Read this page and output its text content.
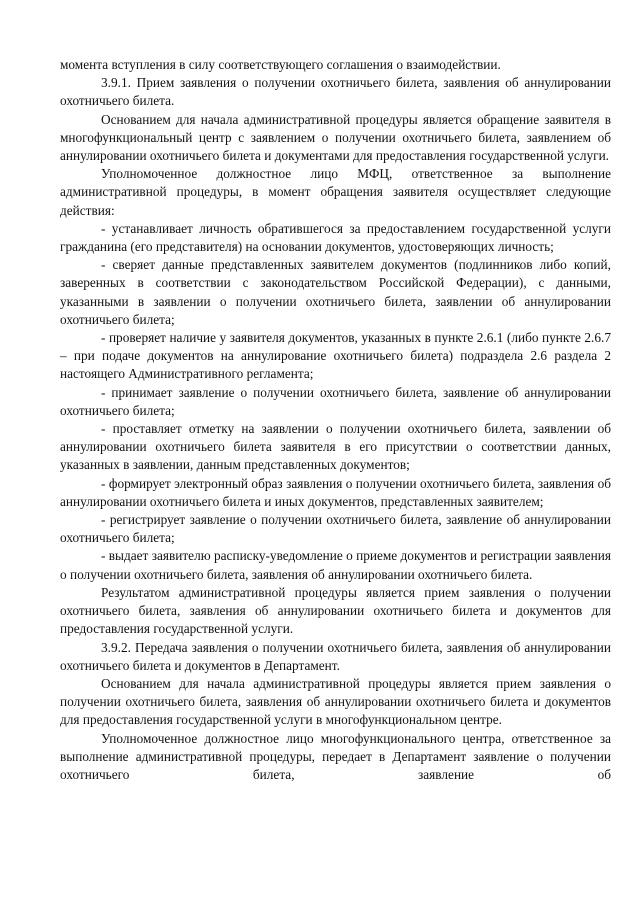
момента вступления в силу соответствующего соглашения о взаимодействии.

3.9.1. Прием заявления о получении охотничьего билета, заявления об аннулировании охотничьего билета.

Основанием для начала административной процедуры является обращение заявителя в многофункциональный центр с заявлением о получении охотничьего билета, заявлением об аннулировании охотничьего билета и документами для предоставления государственной услуги.

Уполномоченное должностное лицо МФЦ, ответственное за выполнение административной процедуры, в момент обращения заявителя осуществляет следующие действия:

- устанавливает личность обратившегося за предоставлением государственной услуги гражданина (его представителя) на основании документов, удостоверяющих личность;

- сверяет данные представленных заявителем документов (подлинников либо копий, заверенных в соответствии с законодательством Российской Федерации), с данными, указанными в заявлении о получении охотничьего билета, заявлении об аннулировании охотничьего билета;

- проверяет наличие у заявителя документов, указанных в пункте 2.6.1 (либо пункте 2.6.7 – при подаче документов на аннулирование охотничьего билета) подраздела 2.6 раздела 2 настоящего Административного регламента;

- принимает заявление о получении охотничьего билета, заявление об аннулировании охотничьего билета;

- проставляет отметку на заявлении о получении охотничьего билета, заявлении об аннулировании охотничьего билета заявителя в его присутствии о соответствии данных, указанных в заявлении, данным представленных документов;

- формирует электронный образ заявления о получении охотничьего билета, заявления об аннулировании охотничьего билета и иных документов, представленных заявителем;

- регистрирует заявление о получении охотничьего билета, заявление об аннулировании охотничьего билета;

- выдает заявителю расписку-уведомление о приеме документов и регистрации заявления о получении охотничьего билета, заявления об аннулировании охотничьего билета.

Результатом административной процедуры является прием заявления о получении охотничьего билета, заявления об аннулировании охотничьего билета и документов для предоставления государственной услуги.

3.9.2. Передача заявления о получении охотничьего билета, заявления об аннулировании охотничьего билета и документов в Департамент.

Основанием для начала административной процедуры является прием заявления о получении охотничьего билета, заявления об аннулировании охотничьего билета и документов для предоставления государственной услуги в многофункциональном центре.

Уполномоченное должностное лицо многофункционального центра, ответственное за выполнение административной процедуры, передает в Департамент заявление о получении охотничьего билета, заявление об
